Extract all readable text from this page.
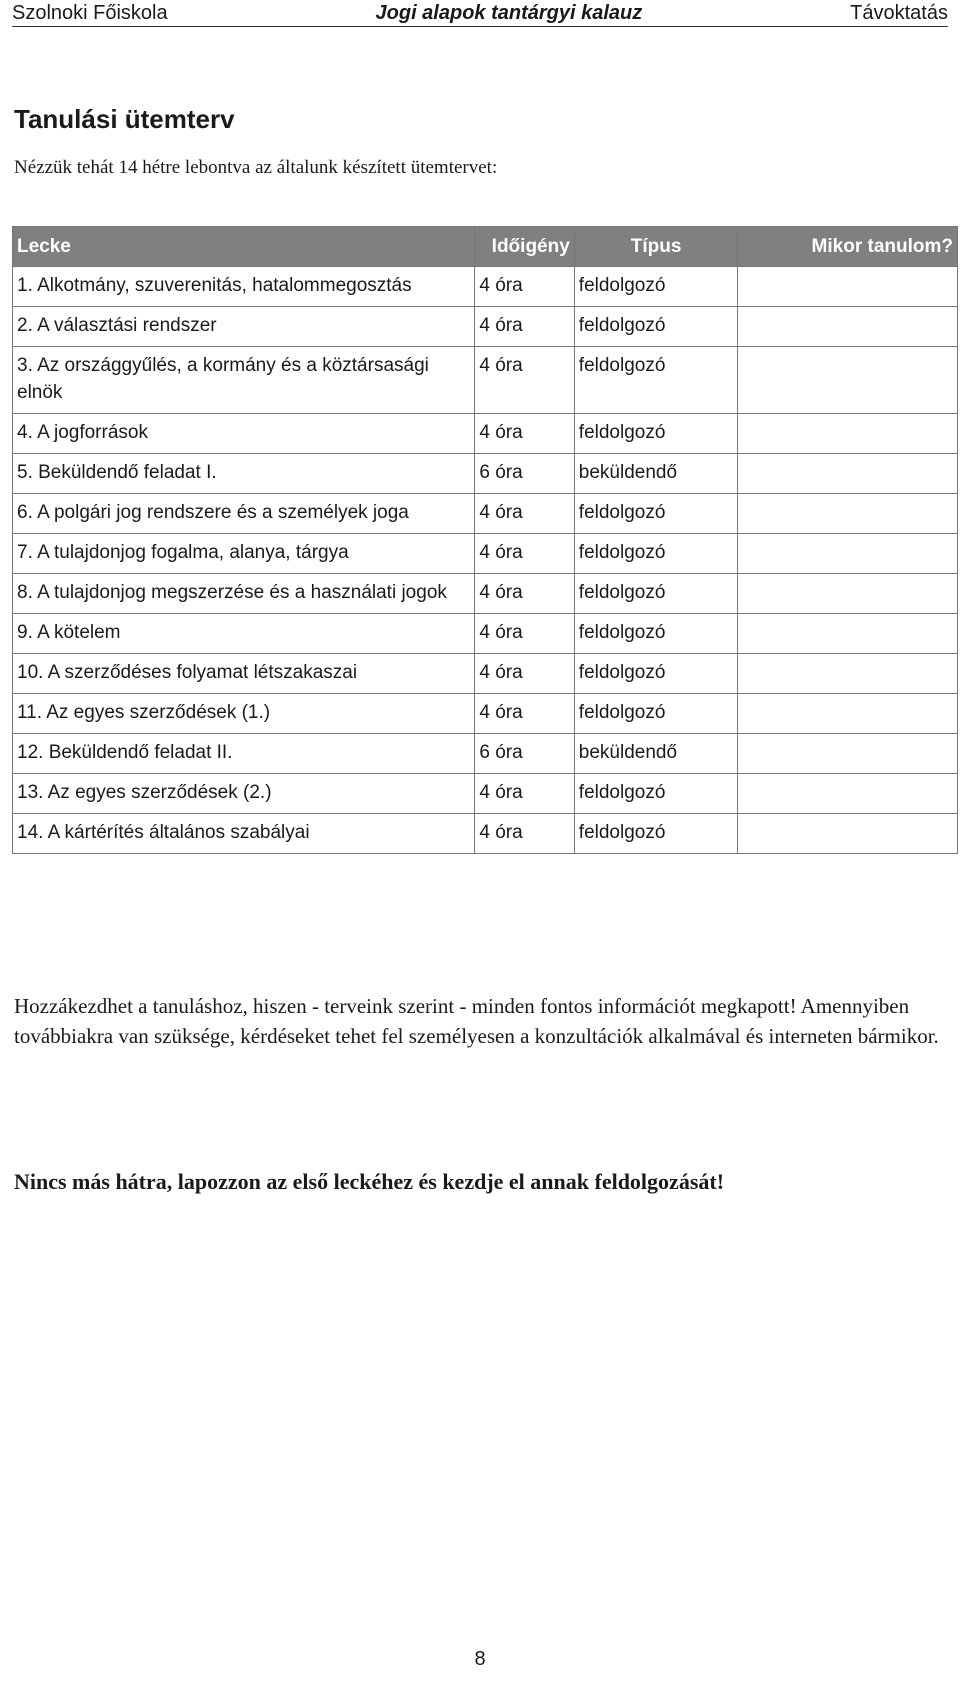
Szolnoki Főiskola	Jogi alapok tantárgyi kalauz	Távoktatás
Tanulási ütemterv

Nézzük tehát 14 hétre lebontva az általunk készített ütemtervet:

Lecke	Időigény	Típus	Mikor tanulom?
1. Alkotmány, szuverenitás, hatalommegosztás	4 óra	feldolgozó	
2. A választási rendszer	4 óra	feldolgozó	
3. Az országgyűlés, a kormány és a köztársasági elnök	4 óra	feldolgozó	
4. A jogforrások	4 óra	feldolgozó	
5. Beküldendő feladat I.	6 óra	beküldendő	
6. A polgári jog rendszere és a személyek joga	4 óra	feldolgozó	
7. A tulajdonjog fogalma, alanya, tárgya	4 óra	feldolgozó	
8. A tulajdonjog megszerzése és a használati jogok	4 óra	feldolgozó	
9. A kötelem	4 óra	feldolgozó	
10. A szerződéses folyamat létszakaszai	4 óra	feldolgozó	
11. Az egyes szerződések (1.)	4 óra	feldolgozó	
12. Beküldendő feladat II.	6 óra	beküldendő	
13. Az egyes szerződések (2.)	4 óra	feldolgozó	
14. A kártérítés általános szabályai	4 óra	feldolgozó	

Hozzákezdhet a tanuláshoz, hiszen - terveink szerint - minden fontos információt megkapott! Amennyiben továbbiakra van szüksége, kérdéseket tehet fel személyesen a konzultációk alkalmával és interneten bármikor.

Nincs más hátra, lapozzon az első leckéhez és kezdje el annak feldolgozását!

8
